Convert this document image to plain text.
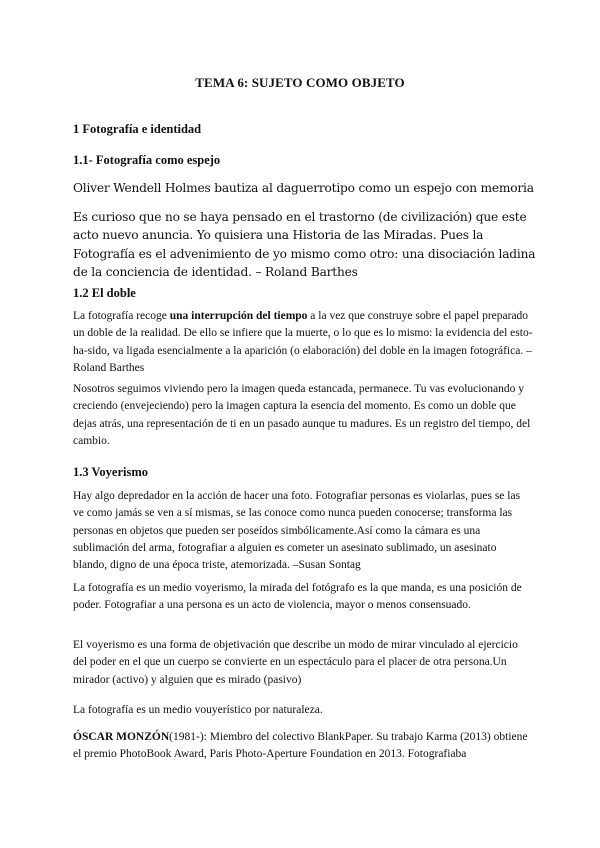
TEMA 6: SUJETO COMO OBJETO
1 Fotografía e identidad
1.1- Fotografía como espejo

Oliver Wendell Holmes bautiza al daguerrotipo como un espejo con memoria

Es curioso que no se haya pensado en el trastorno (de civilización) que este acto nuevo anuncia. Yo quisiera una Historia de las Miradas. Pues la Fotografía es el advenimiento de yo mismo como otro: una disociación ladina de la conciencia de identidad. – Roland Barthes

1.2 El doble

La fotografía recoge una interrupción del tiempo a la vez que construye sobre el papel preparado un doble de la realidad. De ello se infiere que la muerte, o lo que es lo mismo: la evidencia del esto-ha-sido, va ligada esencialmente a la aparición (o elaboración) del doble en la imagen fotográfica. – Roland Barthes

Nosotros seguimos viviendo pero la imagen queda estancada, permanece. Tu vas evolucionando y creciendo (envejeciendo) pero la imagen captura la esencia del momento. Es como un doble que dejas atrás, una representación de ti en un pasado aunque tu madures. Es un registro del tiempo, del cambio.

1.3 Voyerismo

Hay algo depredador en la acción de hacer una foto. Fotografiar personas es violarlas, pues se las ve como jamás se ven a sí mismas, se las conoce como nunca pueden conocerse; transforma las personas en objetos que pueden ser poseídos simbólicamente.Así como la cámara es una sublimación del arma, fotografiar a alguien es cometer un asesinato sublimado, un asesinato blando, digno de una época triste, atemorizada. –Susan Sontag

La fotografía es un medio voyerismo, la mirada del fotógrafo es la que manda, es una posición de poder. Fotografiar a una persona es un acto de violencia, mayor o menos consensuado.

El voyerismo es una forma de objetivación que describe un modo de mirar vinculado al ejercicio del poder en el que un cuerpo se convierte en un espectáculo para el placer de otra persona.Un mirador (activo) y alguien que es mirado (pasivo)

La fotografía es un medio vouyerístico por naturaleza.

ÓSCAR MONZÓN(1981-): Miembro del colectivo BlankPaper. Su trabajo Karma (2013) obtiene el premio PhotoBook Award, Paris Photo-Aperture Foundation en 2013. Fotografiaba
